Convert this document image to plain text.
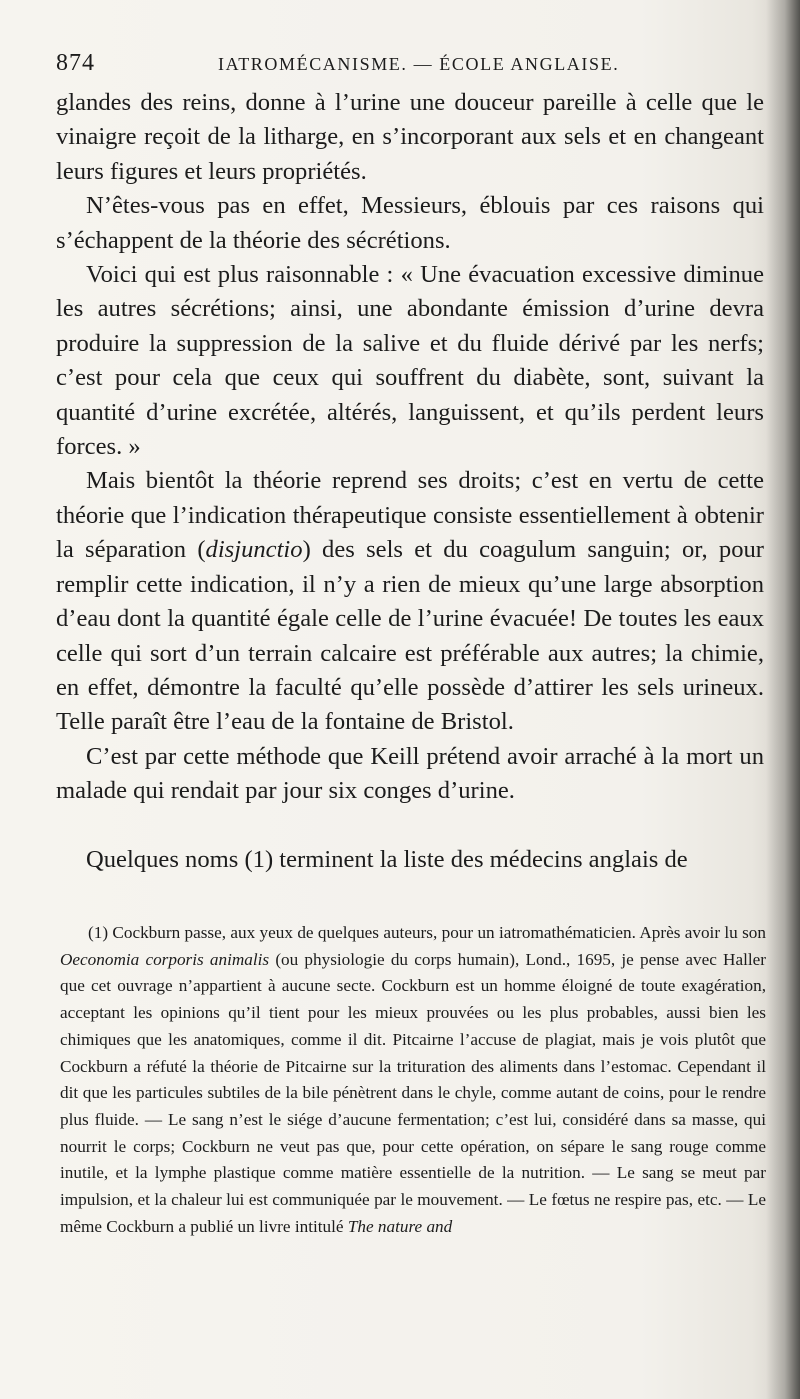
874	IATROMÉCANISME. — ÉCOLE ANGLAISE.

glandes des reins, donne à l’urine une douceur pareille à celle que le vinaigre reçoit de la litharge, en s’incorporant aux sels et en changeant leurs figures et leurs propriétés.

N’êtes-vous pas en effet, Messieurs, éblouis par ces raisons qui s’échappent de la théorie des sécrétions.

Voici qui est plus raisonnable : « Une évacuation excessive diminue les autres sécrétions; ainsi, une abondante émission d’urine devra produire la suppression de la salive et du fluide dérivé par les nerfs; c’est pour cela que ceux qui souffrent du diabète, sont, suivant la quantité d’urine excrétée, altérés, languissent, et qu’ils perdent leurs forces. »

Mais bientôt la théorie reprend ses droits; c’est en vertu de cette théorie que l’indication thérapeutique consiste essentiellement à obtenir la séparation (disjunctio) des sels et du coagulum sanguin; or, pour remplir cette indication, il n’y a rien de mieux qu’une large absorption d’eau dont la quantité égale celle de l’urine évacuée! De toutes les eaux celle qui sort d’un terrain calcaire est préférable aux autres; la chimie, en effet, démontre la faculté qu’elle possède d’attirer les sels urineux. Telle paraît être l’eau de la fontaine de Bristol.

C’est par cette méthode que Keill prétend avoir arraché à la mort un malade qui rendait par jour six conges d’urine.

Quelques noms (1) terminent la liste des médecins anglais de

(1) Cockburn passe, aux yeux de quelques auteurs, pour un iatromathématicien. Après avoir lu son Oeconomia corporis animalis (ou physiologie du corps humain), Lond., 1695, je pense avec Haller que cet ouvrage n’appartient à aucune secte. Cockburn est un homme éloigné de toute exagération, acceptant les opinions qu’il tient pour les mieux prouvées ou les plus probables, aussi bien les chimiques que les anatomiques, comme il dit. Pitcairne l’accuse de plagiat, mais je vois plutôt que Cockburn a réfuté la théorie de Pitcairne sur la trituration des aliments dans l’estomac. Cependant il dit que les particules subtiles de la bile pénètrent dans le chyle, comme autant de coins, pour le rendre plus fluide. — Le sang n’est le siége d’aucune fermentation; c’est lui, considéré dans sa masse, qui nourrit le corps; Cockburn ne veut pas que, pour cette opération, on sépare le sang rouge comme inutile, et la lymphe plastique comme matière essentielle de la nutrition. — Le sang se meut par impulsion, et la chaleur lui est communiquée par le mouvement. — Le fœtus ne respire pas, etc. — Le même Cockburn a publié un livre intitulé The nature and
